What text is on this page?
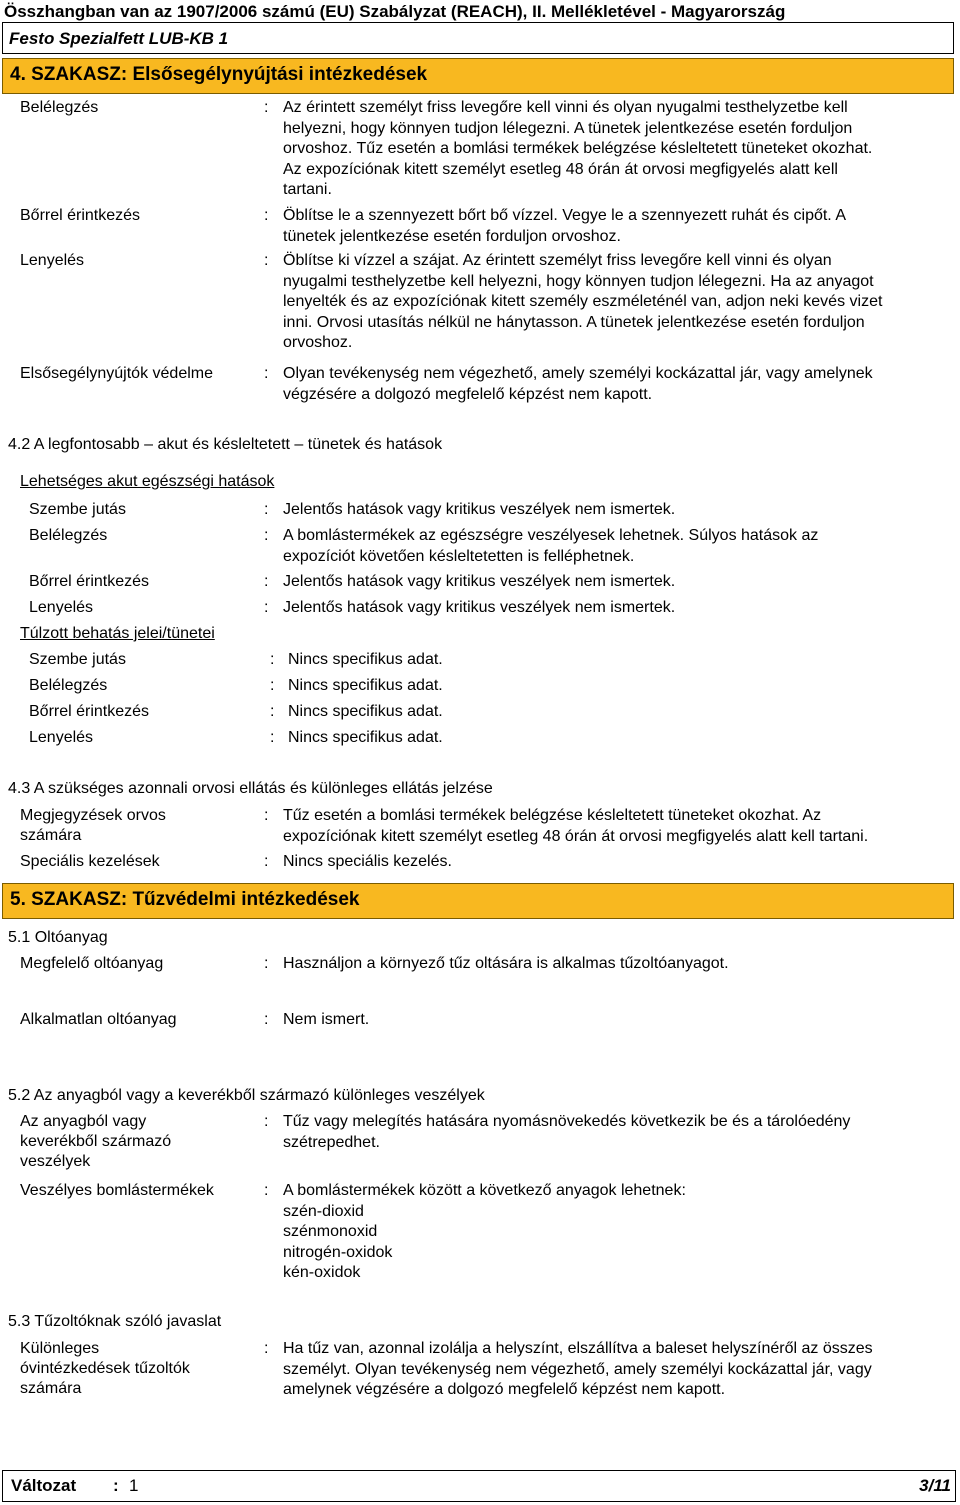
Összhangban van az 1907/2006 számú (EU) Szabályzat (REACH), II. Mellékletével - Magyarország
Festo Spezialfett LUB-KB 1
4. SZAKASZ: Elsősegélynyújtási intézkedések
Belélegzés	: Az érintett személyt friss levegőre kell vinni és olyan nyugalmi testhelyzetbe kell
helyezni, hogy könnyen tudjon lélegezni. A tünetek jelentkezése esetén forduljon
orvoshoz. Tűz esetén a bomlási termékek belégzése késleltetett tüneteket okozhat.
Az expozíciónak kitett személyt esetleg 48 órán át orvosi megfigyelés alatt kell
tartani.
Bőrrel érintkezés	: Öblítse le a szennyezett bőrt bő vízzel. Vegye le a szennyezett ruhát és cipőt. A
tünetek jelentkezése esetén forduljon orvoshoz.
Lenyelés	: Öblítse ki vízzel a szájat. Az érintett személyt friss levegőre kell vinni és olyan
nyugalmi testhelyzetbe kell helyezni, hogy könnyen tudjon lélegezni. Ha az anyagot
lenyelték és az expozíciónak kitett személy eszméleténél van, adjon neki kevés vizet
inni. Orvosi utasítás nélkül ne hánytasson. A tünetek jelentkezése esetén forduljon
orvoshoz.
Elsősegélynyújtók védelme	: Olyan tevékenység nem végezhető, amely személyi kockázattal jár, vagy amelynek
végzésére a dolgozó megfelelő képzést nem kapott.
4.2 A legfontosabb – akut és késleltetett – tünetek és hatások
Lehetséges akut egészségi hatások
Szembe jutás	: Jelentős hatások vagy kritikus veszélyek nem ismertek.
Belélegzés	: A bomlástermékek az egészségre veszélyesek lehetnek. Súlyos hatások az
expozíciót követően késleltetetten is felléphetnek.
Bőrrel érintkezés	: Jelentős hatások vagy kritikus veszélyek nem ismertek.
Lenyelés	: Jelentős hatások vagy kritikus veszélyek nem ismertek.
Túlzott behatás jelei/tünetei
Szembe jutás	: Nincs specifikus adat.
Belélegzés	: Nincs specifikus adat.
Bőrrel érintkezés	: Nincs specifikus adat.
Lenyelés	: Nincs specifikus adat.
4.3 A szükséges azonnali orvosi ellátás és különleges ellátás jelzése
Megjegyzések orvos
számára
: Tűz esetén a bomlási termékek belégzése késleltetett tüneteket okozhat. Az
expozíciónak kitett személyt esetleg 48 órán át orvosi megfigyelés alatt kell tartani.
Speciális kezelések	: Nincs speciális kezelés.
5. SZAKASZ: Tűzvédelmi intézkedések
5.1 Oltóanyag
Megfelelő oltóanyag	: Használjon a környező tűz oltására is alkalmas tűzoltóanyagot.
Alkalmatlan oltóanyag	: Nem ismert.
5.2 Az anyagból vagy a keverékből származó különleges veszélyek
Az anyagból vagy
keverékből származó
veszélyek
: Tűz vagy melegítés hatására nyomásnövekedés következik be és a tárolóedény
szétrepedhet.
Veszélyes bomlástermékek	: A bomlástermékek között a következő anyagok lehetnek:
szén-dioxid
szénmonoxid
nitrogén-oxidok
kén-oxidok
5.3 Tűzoltóknak szóló javaslat
Különleges
óvintézkedések tűzoltók
számára
: Ha tűz van, azonnal izolálja a helyszínt, elszállítva a baleset helyszínéről az összes
személyt. Olyan tevékenység nem végezhető, amely személyi kockázattal jár, vagy
amelynek végzésére a dolgozó megfelelő képzést nem kapott.
Változat : 1	3/11
